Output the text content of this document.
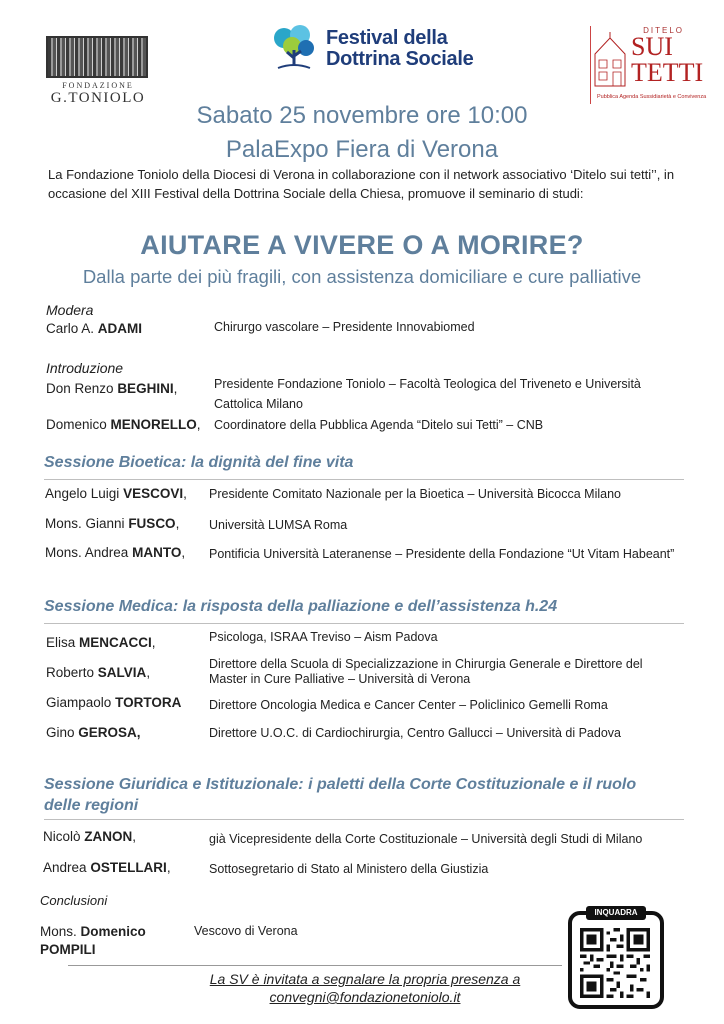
FONDAZIONE
G.TONIOLO
Festival della
Dottrina Sociale
DITELO
SUI
TETTI
Pubblica Agenda Sussidiarietà e Convivenza
Sabato 25 novembre ore 10:00
PalaExpo Fiera di Verona
La Fondazione Toniolo della Diocesi di Verona in collaborazione con il network associativo ‘Ditelo sui tetti’’, in occasione del XIII Festival della Dottrina Sociale della Chiesa, promuove il seminario di studi:
AIUTARE A VIVERE O A MORIRE?
Dalla parte dei più fragili, con assistenza domiciliare e cure palliative
Modera
Carlo A. ADAMI	Chirurgo vascolare – Presidente Innovabiomed
Introduzione
Don Renzo BEGHINI,	Presidente Fondazione Toniolo – Facoltà Teologica del Triveneto e Università Cattolica Milano
Domenico MENORELLO, Coordinatore della Pubblica Agenda “Ditelo sui Tetti” – CNB
Sessione Bioetica: la dignità del fine vita
Angelo Luigi VESCOVI, Presidente Comitato Nazionale per la Bioetica – Università Bicocca Milano
Mons. Gianni FUSCO, Università LUMSA Roma
Mons. Andrea MANTO, Pontificia Università Lateranense – Presidente della Fondazione “Ut Vitam Habeant”
Sessione Medica: la risposta della palliazione e dell’assistenza h.24
Elisa MENCACCI,	Psicologa, ISRAA Treviso – Aism Padova
Roberto SALVIA,
Direttore della Scuola di Specializzazione in Chirurgia Generale e Direttore del Master in Cure Palliative – Università di Verona
Giampaolo TORTORA Direttore Oncologia Medica e Cancer Center – Policlinico Gemelli Roma
Gino GEROSA,	Direttore U.O.C. di Cardiochirurgia, Centro Gallucci – Università di Padova
Sessione Giuridica e Istituzionale: i paletti della Corte Costituzionale e il ruolo delle regioni
Nicolò ZANON,	già Vicepresidente della Corte Costituzionale – Università degli Studi di Milano
Andrea OSTELLARI,	Sottosegretario di Stato al Ministero della Giustizia
Conclusioni
Mons. Domenico POMPILI
Vescovo di Verona
La SV è invitata a segnalare la propria presenza a
convegni@fondazionetoniolo.it
INQUADRA
